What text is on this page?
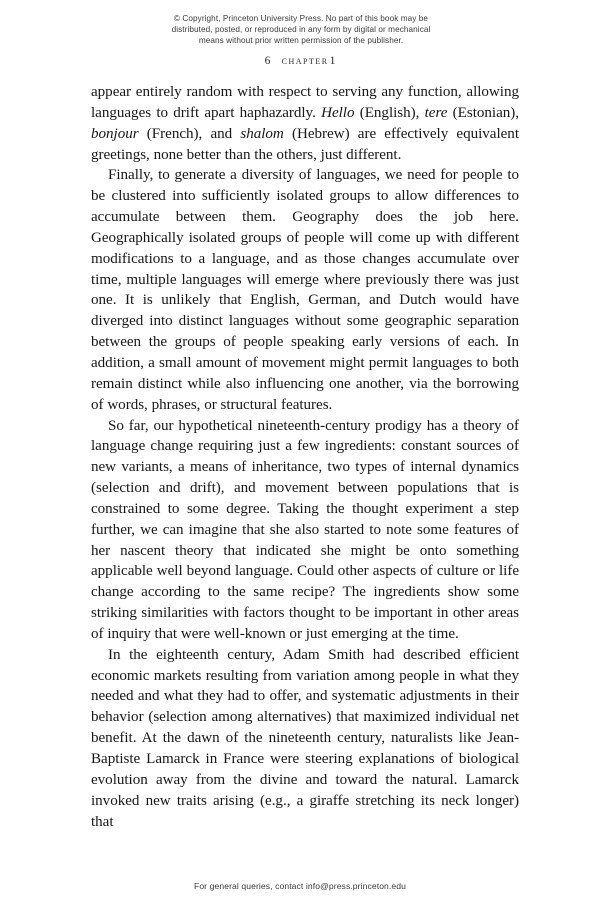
© Copyright, Princeton University Press. No part of this book may be
distributed, posted, or reproduced in any form by digital or mechanical
means without prior written permission of the publisher.
6 chapter1

appear entirely random with respect to serving any function, allowing languages to drift apart haphazardly. Hello (English), tere (Estonian), bonjour (French), and shalom (Hebrew) are effectively equivalent greetings, none better than the others, just different.

Finally, to generate a diversity of languages, we need for people to be clustered into sufficiently isolated groups to allow differences to accumulate between them. Geography does the job here. Geographically isolated groups of people will come up with different modifications to a language, and as those changes accumulate over time, multiple languages will emerge where previously there was just one. It is unlikely that English, German, and Dutch would have diverged into distinct languages without some geographic separation between the groups of people speaking early versions of each. In addition, a small amount of movement might permit languages to both remain distinct while also influencing one another, via the borrowing of words, phrases, or structural features.

So far, our hypothetical nineteenth-century prodigy has a theory of language change requiring just a few ingredients: constant sources of new variants, a means of inheritance, two types of internal dynamics (selection and drift), and movement between populations that is constrained to some degree. Taking the thought experiment a step further, we can imagine that she also started to note some features of her nascent theory that indicated she might be onto something applicable well beyond language. Could other aspects of culture or life change according to the same recipe? The ingredients show some striking similarities with factors thought to be important in other areas of inquiry that were well-known or just emerging at the time.

In the eighteenth century, Adam Smith had described efficient economic markets resulting from variation among people in what they needed and what they had to offer, and systematic adjustments in their behavior (selection among alternatives) that maximized individual net benefit. At the dawn of the nineteenth century, naturalists like Jean-Baptiste Lamarck in France were steering explanations of biological evolution away from the divine and toward the natural. Lamarck invoked new traits arising (e.g., a giraffe stretching its neck longer) that

For general queries, contact info@press.princeton.edu
